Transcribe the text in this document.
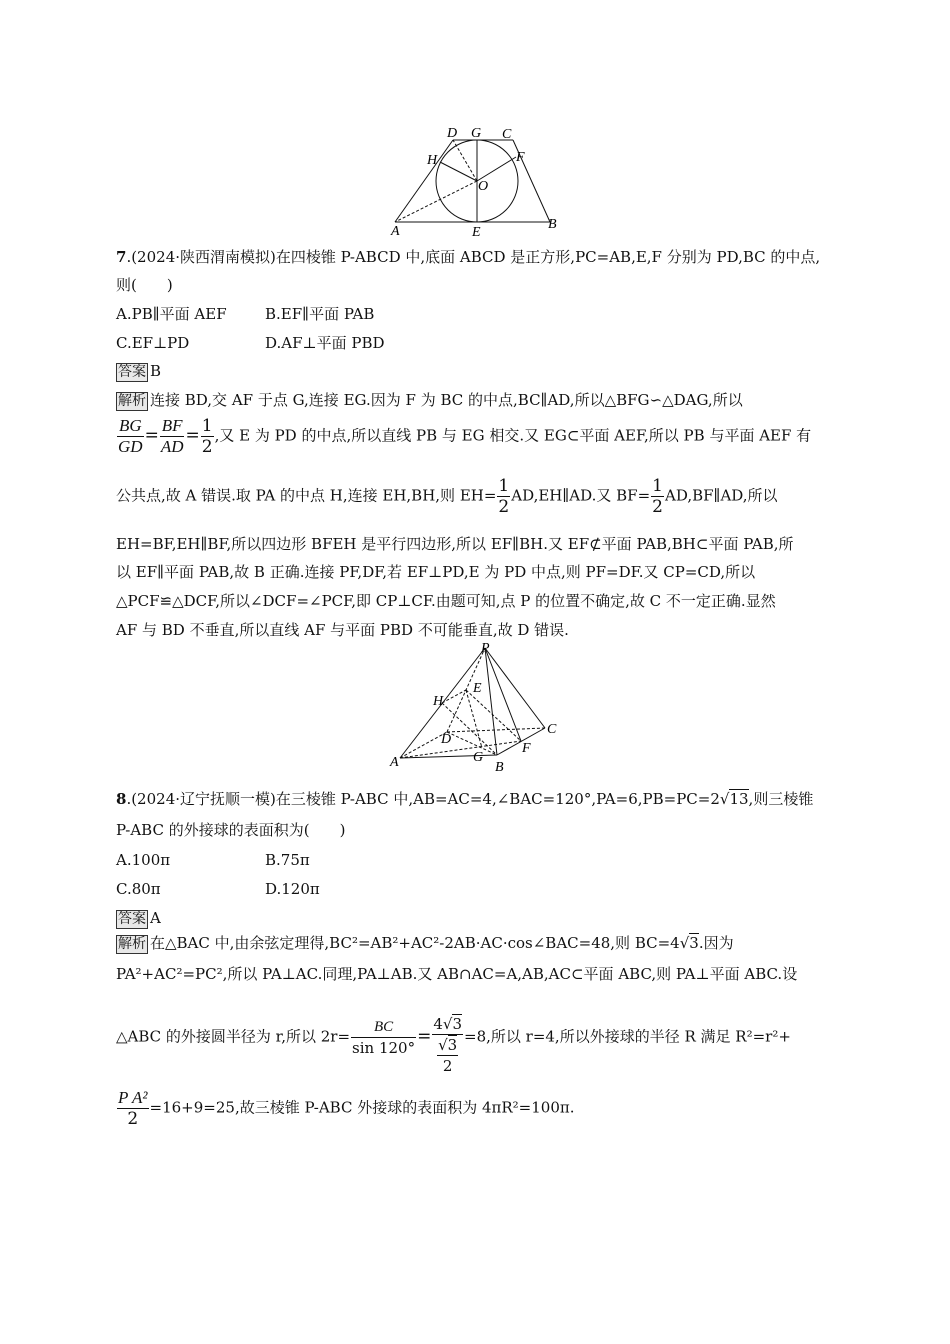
D G C
H	F
O
A	E
B
7.(2024·陕西渭南模拟)在四棱锥 P-ABCD 中,底面 ABCD 是正方形,PC=AB,E,F 分别为 PD,BC 的中点,
则(　　)
A.PB∥平面 AEF	B.EF∥平面 PAB
C.EF⊥PD	D.AF⊥平面 PBD
答案 B
解析 连接 BD,交 AF 于点 G,连接 EG.因为 F 为 BC 的中点,BC∥AD,所以△BFG∽△DAG,所以
$\frac{BG}{GD} = \frac{BF}{AD} = \frac{1}{2}$ ,又 E 为 PD 的中点,所以直线 PB 与 EG 相交.又 EG⊂平面 AEF,所以 PB 与平面 AEF 有
公共点,故 A 错误.取 PA 的中点 H,连接 EH,BH,则 $EH= \frac{1}{2}$ AD,EH∥AD.又 $BF= \frac{1}{2}$ AD,BF∥AD,所以
EH=BF,EH∥BF,所以四边形 BFEH 是平行四边形,所以 EF∥BH.又 EF⊄平面 PAB,BH⊂平面 PAB,所
以 EF∥平面 PAB,故 B 正确.连接 PF,DF,若 EF⊥PD,E 为 PD 中点,则 PF=DF.又 CP=CD,所以
△PCF≌△DCF,所以∠DCF=∠PCF,即 CP⊥CF.由题可知,点 P 的位置不确定,故 C 不一定正确.显然
AF 与 BD 不垂直,所以直线 AF 与平面 PBD 不可能垂直,故 D 错误.
P
E
H
C
D
F
G
A	B
8.(2024·辽宁抚顺一模)在三棱锥 P-ABC 中,AB=AC=4,∠BAC=120°,PA=6,PB=PC=2√13,则三棱锥
P-ABC 的外接球的表面积为(　　)
A.100π	B.75π
C.80π	D.120π
答案 A
解析 在△BAC 中,由余弦定理得,BC²=AB²+AC²-2AB·AC·cos∠BAC=48,则 BC=4√3.因为
PA²+AC²=PC²,所以 PA⊥AC.同理,PA⊥AB.又 AB∩AC=A,AB,AC⊂平面 ABC,则 PA⊥平面 ABC.设
△ABC 的外接圆半径为 r,所以 $2r= \frac{BC}{\sin 120^\circ} = \frac{4√3}{\frac{√3}{2}} =8$,所以 r=4,所以外接球的半径 R 满足 R²=r²+
$\frac{\text{P A²}}{2} =16+9=25$,故三棱锥 P-ABC 外接球的表面积为 4πR²=100π.
